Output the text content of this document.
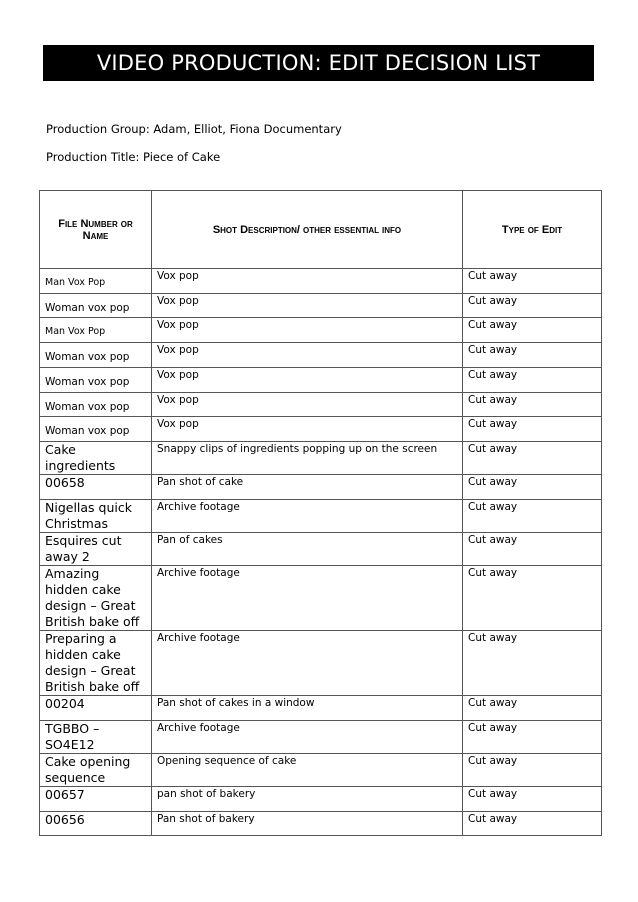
VIDEO PRODUCTION: EDIT DECISION LIST
Production Group: Adam, Elliot, Fiona Documentary
Production Title: Piece of Cake
File Number or Name	Shot Description/ other essential info	Type of Edit
Man Vox Pop	Vox pop	Cut away
Woman vox pop	Vox pop	Cut away
Man Vox Pop	Vox pop	Cut away
Woman vox pop	Vox pop	Cut away
Woman vox pop	Vox pop	Cut away
Woman vox pop	Vox pop	Cut away
Woman vox pop	Vox pop	Cut away
Cake ingredients	Snappy clips of ingredients popping up on the screen	Cut away
00658	Pan shot of cake	Cut away
Nigellas quick Christmas	Archive footage	Cut away
Esquires cut away 2	Pan of cakes	Cut away
Amazing hidden cake design – Great British bake off	Archive footage	Cut away
Preparing a hidden cake design – Great British bake off	Archive footage	Cut away
00204	Pan shot of cakes in a window	Cut away
TGBBO – SO4E12	Archive footage	Cut away
Cake opening sequence	Opening sequence of cake	Cut away
00657	pan shot of bakery	Cut away
00656	Pan shot of bakery	Cut away
